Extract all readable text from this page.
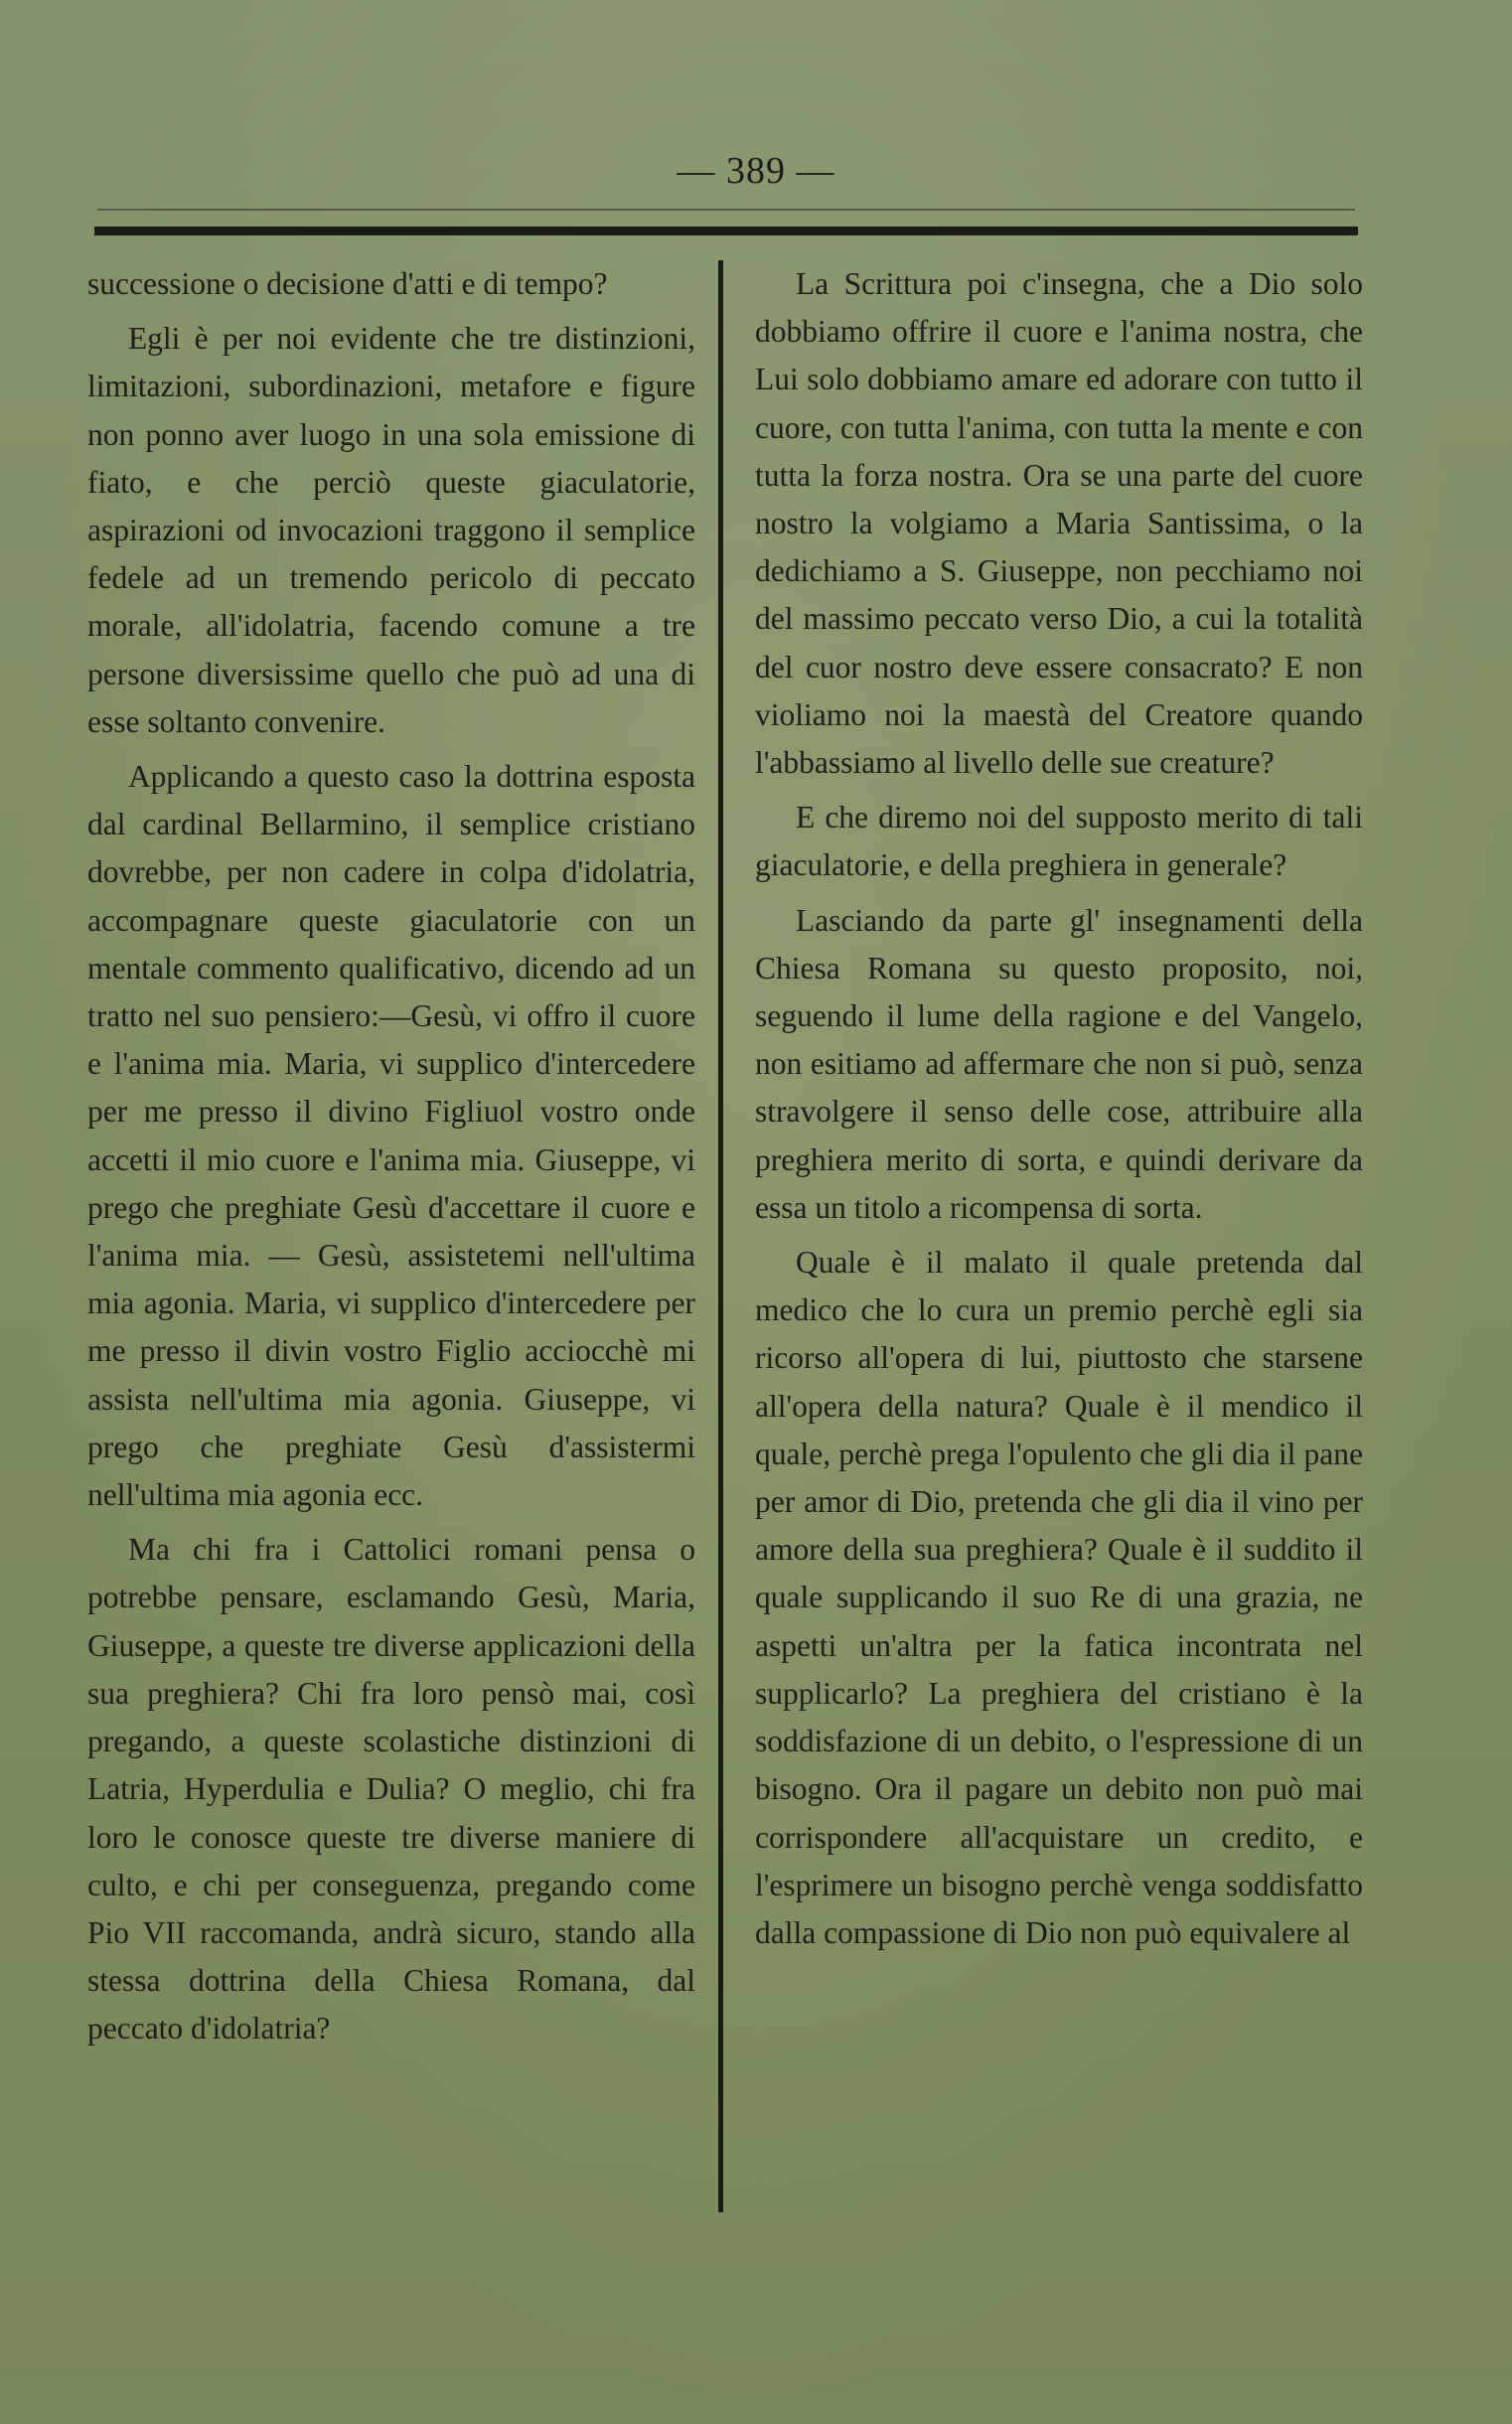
— 389 —

successione o decisione d'atti e di tempo?

Egli è per noi evidente che tre distinzioni, limitazioni, subordinazioni, metafore e figure non ponno aver luogo in una sola emissione di fiato, e che perciò queste giaculatorie, aspirazioni od invocazioni traggono il semplice fedele ad un tremendo pericolo di peccato morale, all'idolatria, facendo comune a tre persone diversissime quello che può ad una di esse soltanto convenire.

Applicando a questo caso la dottrina esposta dal cardinal Bellarmino, il semplice cristiano dovrebbe, per non cadere in colpa d'idolatria, accompagnare queste giaculatorie con un mentale commento qualificativo, dicendo ad un tratto nel suo pensiero:—Gesù, vi offro il cuore e l'anima mia. Maria, vi supplico d'intercedere per me presso il divino Figliuol vostro onde accetti il mio cuore e l'anima mia. Giuseppe, vi prego che preghiate Gesù d'accettare il cuore e l'anima mia. — Gesù, assistetemi nell'ultima mia agonia. Maria, vi supplico d'intercedere per me presso il divin vostro Figlio acciocchè mi assista nell'ultima mia agonia. Giuseppe, vi prego che preghiate Gesù d'assistermi nell'ultima mia agonia ecc.

Ma chi fra i Cattolici romani pensa o potrebbe pensare, esclamando Gesù, Maria, Giuseppe, a queste tre diverse applicazioni della sua preghiera? Chi fra loro pensò mai, così pregando, a queste scolastiche distinzioni di Latria, Hyperdulia e Dulia? O meglio, chi fra loro le conosce queste tre diverse maniere di culto, e chi per conseguenza, pregando come Pio VII raccomanda, andrà sicuro, stando alla stessa dottrina della Chiesa Romana, dal peccato d'idolatria?

La Scrittura poi c'insegna, che a Dio solo dobbiamo offrire il cuore e l'anima nostra, che Lui solo dobbiamo amare ed adorare con tutto il cuore, con tutta l'anima, con tutta la mente e con tutta la forza nostra. Ora se una parte del cuore nostro la volgiamo a Maria Santissima, o la dedichiamo a S. Giuseppe, non pecchiamo noi del massimo peccato verso Dio, a cui la totalità del cuor nostro deve essere consacrato? E non violiamo noi la maestà del Creatore quando l'abbassiamo al livello delle sue creature?

E che diremo noi del supposto merito di tali giaculatorie, e della preghiera in generale?

Lasciando da parte gl' insegnamenti della Chiesa Romana su questo proposito, noi, seguendo il lume della ragione e del Vangelo, non esitiamo ad affermare che non si può, senza stravolgere il senso delle cose, attribuire alla preghiera merito di sorta, e quindi derivare da essa un titolo a ricompensa di sorta.

Quale è il malato il quale pretenda dal medico che lo cura un premio perchè egli sia ricorso all'opera di lui, piuttosto che starsene all'opera della natura? Quale è il mendico il quale, perchè prega l'opulento che gli dia il pane per amor di Dio, pretenda che gli dia il vino per amore della sua preghiera? Quale è il suddito il quale supplicando il suo Re di una grazia, ne aspetti un'altra per la fatica incontrata nel supplicarlo? La preghiera del cristiano è la soddisfazione di un debito, o l'espressione di un bisogno. Ora il pagare un debito non può mai corrispondere all'acquistare un credito, e l'esprimere un bisogno perchè venga soddisfatto dalla compassione di Dio non può equivalere al
